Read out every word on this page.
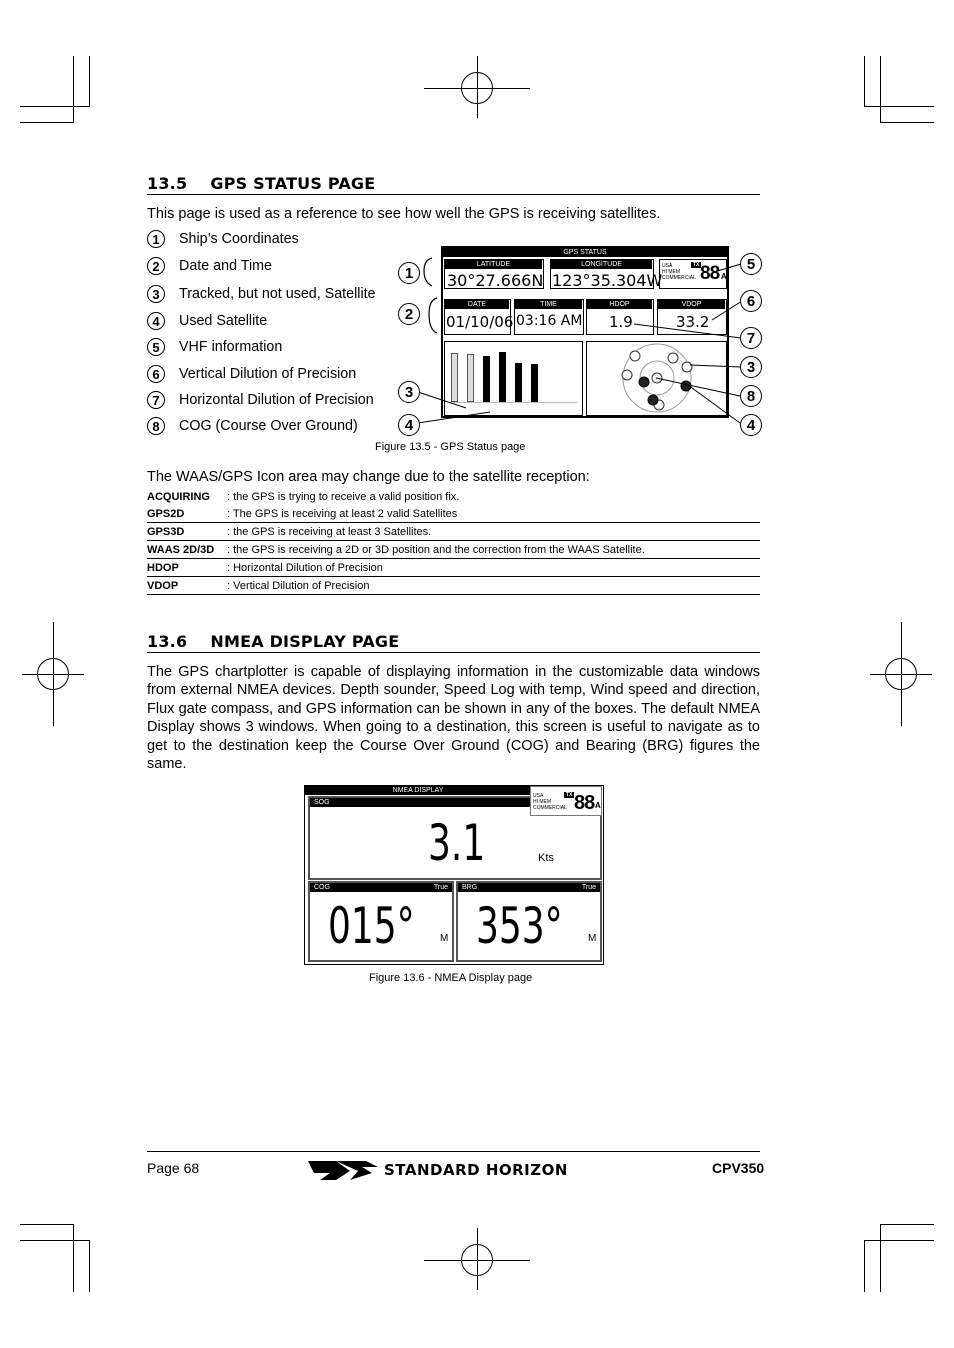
13.5 GPS STATUS PAGE
This page is used as a reference to see how well the GPS is receiving satellites.
1	Ship’s Coordinates
2	Date and Time
3	Tracked, but not used, Satellite
4	Used Satellite
5	VHF information
6	Vertical Dilution of Precision
7	Horizontal Dilution of Precision
8	COG (Course Over Ground)
GPS STATUS
LATITUDE
30°27.666N
LONGITUDE
123°35.304W
USA
HI MEM
COMMERCIAL
TX 88 A
DATE
01/10/06
TIME
03:16 AM
HDOP
1.9
VDOP
33.2
1
2
3
4
5
6
7
3
8
4
Figure 13.5 - GPS Status page
The WAAS/GPS Icon area may change due to the satellite reception:
ACQUIRING	: the GPS is trying to receive a valid position fix.
GPS2D	: The GPS is receiving at least 2 valid Satellites
GPS3D	: the GPS is receiving at least 3 Satellites.
WAAS 2D/3D	: the GPS is receiving a 2D or 3D position and the correction from the WAAS Satellite.
HDOP	: Horizontal Dilution of Precision
VDOP	: Vertical Dilution of Precision
13.6 NMEA DISPLAY PAGE
The GPS chartplotter is capable of displaying information in the customizable data windows from external NMEA devices. Depth sounder, Speed Log with temp, Wind speed and direction, Flux gate compass, and GPS information can be shown in any of the boxes. The default NMEA Display shows 3 windows. When going to a destination, this screen is useful to navigate as to get to the destination keep the Course Over Ground (COG) and Bearing (BRG) figures the same.
NMEA DISPLAY
SOG
3.1	Kts
USA
HI MEM
COMMERCIAL
TX 88 A
COG	True
015°	M
BRG	True
353°	M
Figure 13.6 - NMEA Display page
Page 68	STANDARD HORIZON	CPV350
